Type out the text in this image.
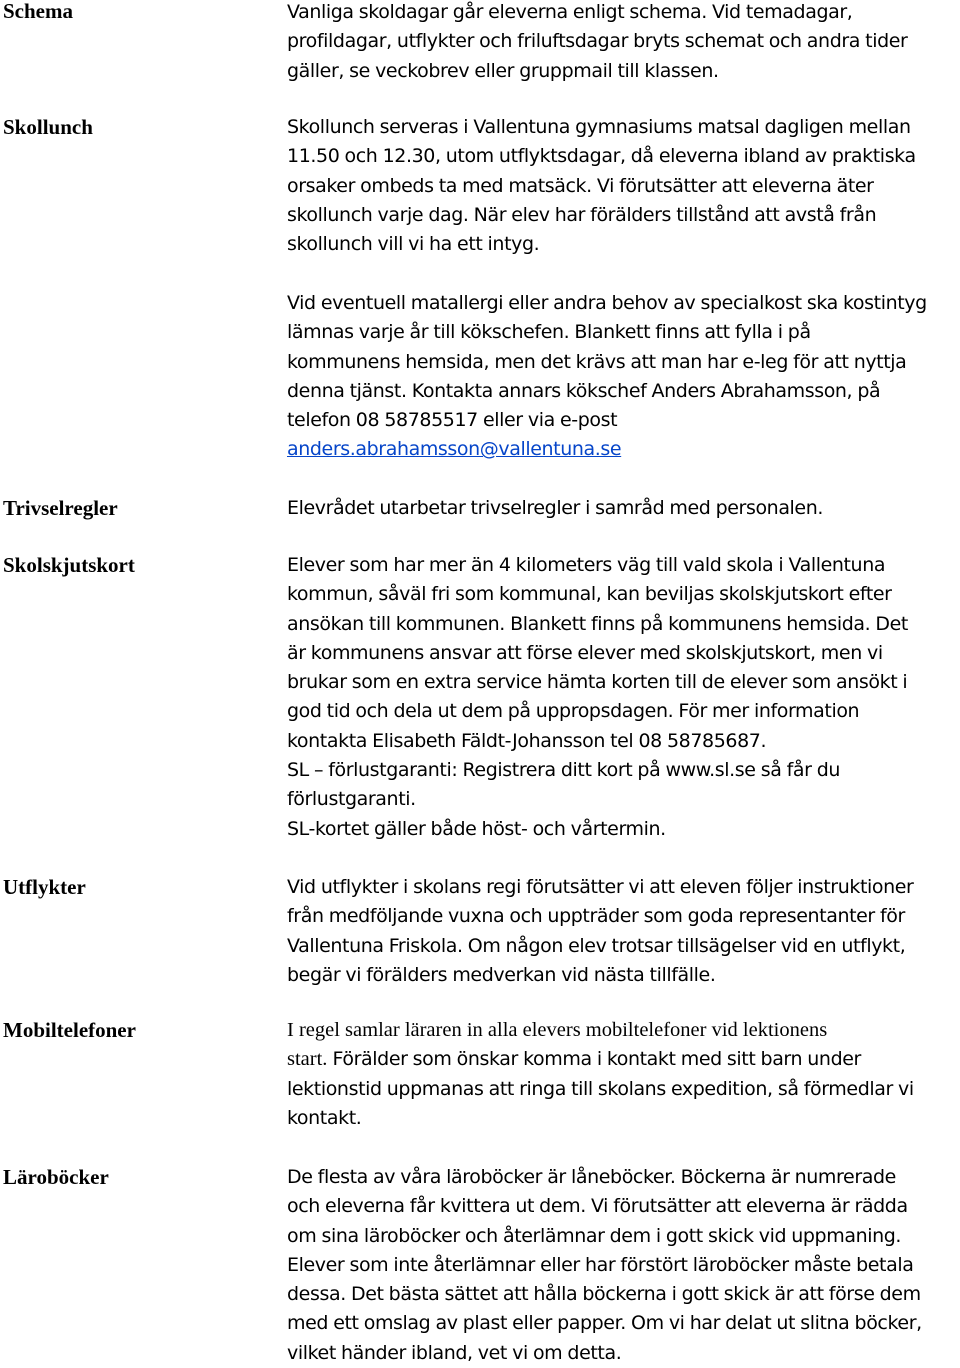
Schema	Vanliga skoldagar går eleverna enligt schema. Vid temadagar,
profildagar, utflykter och friluftsdagar bryts schemat och andra tider
gäller, se veckobrev eller gruppmail till klassen.

Skollunch	Skollunch serveras i Vallentuna gymnasiums matsal dagligen mellan
11.50 och 12.30, utom utflyktsdagar, då eleverna ibland av praktiska
orsaker ombeds ta med matsäck. Vi förutsätter att eleverna äter
skollunch varje dag. När elev har förälders tillstånd att avstå från
skollunch vill vi ha ett intyg.

Vid eventuell matallergi eller andra behov av specialkost ska kostintyg
lämnas varje år till kökschefen. Blankett finns att fylla i på
kommunens hemsida, men det krävs att man har e-leg för att nyttja
denna tjänst. Kontakta annars kökschef Anders Abrahamsson, på
telefon 08 58785517 eller via e-post
anders.abrahamsson@vallentuna.se

Trivselregler	Elevrådet utarbetar trivselregler i samråd med personalen.

Skolskjutskort	Elever som har mer än 4 kilometers väg till vald skola i Vallentuna
kommun, såväl fri som kommunal, kan beviljas skolskjutskort efter
ansökan till kommunen. Blankett finns på kommunens hemsida. Det
är kommunens ansvar att förse elever med skolskjutskort, men vi
brukar som en extra service hämta korten till de elever som ansökt i
god tid och dela ut dem på uppropsdagen. För mer information
kontakta Elisabeth Fäldt-Johansson tel 08 58785687.
SL – förlustgaranti: Registrera ditt kort på www.sl.se så får du
förlustgaranti.
SL-kortet gäller både höst- och vårtermin.

Utflykter	Vid utflykter i skolans regi förutsätter vi att eleven följer instruktioner
från medföljande vuxna och uppträder som goda representanter för
Vallentuna Friskola. Om någon elev trotsar tillsägelser vid en utflykt,
begär vi förälders medverkan vid nästa tillfälle.

Mobiltelefoner	I regel samlar läraren in alla elevers mobiltelefoner vid lektionens
start. Förälder som önskar komma i kontakt med sitt barn under
lektionstid uppmanas att ringa till skolans expedition, så förmedlar vi
kontakt.

Läroböcker	De flesta av våra läroböcker är låneböcker. Böckerna är numrerade
och eleverna får kvittera ut dem. Vi förutsätter att eleverna är rädda
om sina läroböcker och återlämnar dem i gott skick vid uppmaning.
Elever som inte återlämnar eller har förstört läroböcker måste betala
dessa. Det bästa sättet att hålla böckerna i gott skick är att förse dem
med ett omslag av plast eller papper. Om vi har delat ut slitna böcker,
vilket händer ibland, vet vi om detta.
